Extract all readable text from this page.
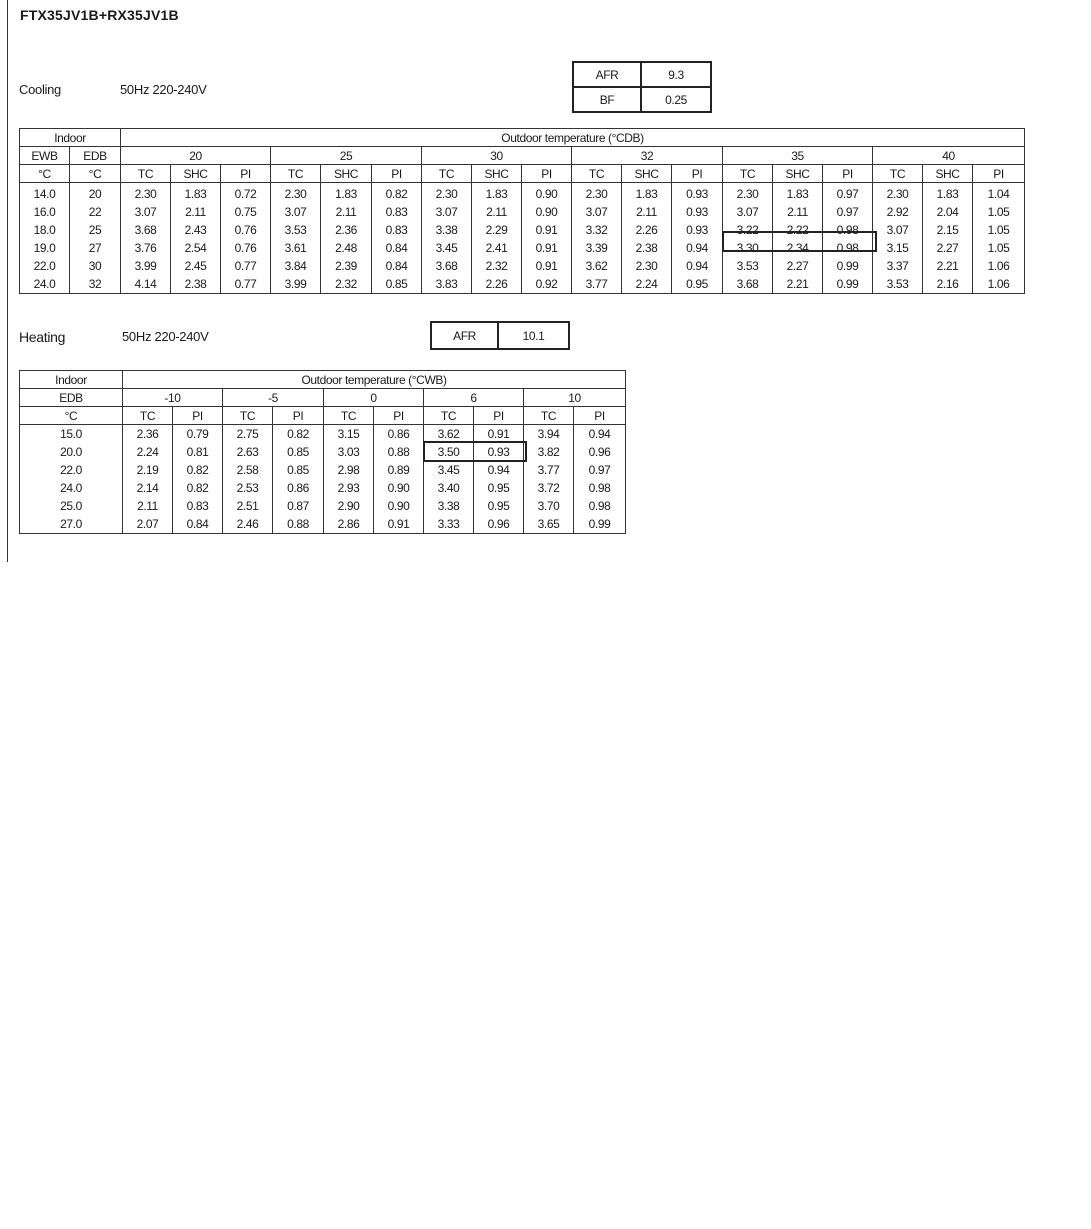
FTX35JV1B+RX35JV1B
Cooling	50Hz 220-240V
AFR	9.3
BF	0.25
Indoor		Outdoor temperature (°CDB)																	
EWB	EDB	20			25			30			32			35			40		
°C	°C	TC	SHC	PI	TC	SHC	PI	TC	SHC	PI	TC	SHC	PI	TC	SHC	PI	TC	SHC	PI
14.0	20	2.30	1.83	0.72	2.30	1.83	0.82	2.30	1.83	0.90	2.30	1.83	0.93	2.30	1.83	0.97	2.30	1.83	1.04
16.0	22	3.07	2.11	0.75	3.07	2.11	0.83	3.07	2.11	0.90	3.07	2.11	0.93	3.07	2.11	0.97	2.92	2.04	1.05
18.0	25	3.68	2.43	0.76	3.53	2.36	0.83	3.38	2.29	0.91	3.32	2.26	0.93	3.22	2.22	0.98	3.07	2.15	1.05
19.0	27	3.76	2.54	0.76	3.61	2.48	0.84	3.45	2.41	0.91	3.39	2.38	0.94	3.30	2.34	0.98	3.15	2.27	1.05
22.0	30	3.99	2.45	0.77	3.84	2.39	0.84	3.68	2.32	0.91	3.62	2.30	0.94	3.53	2.27	0.99	3.37	2.21	1.06
24.0	32	4.14	2.38	0.77	3.99	2.32	0.85	3.83	2.26	0.92	3.77	2.24	0.95	3.68	2.21	0.99	3.53	2.16	1.06
Heating	50Hz 220-240V	AFR	10.1
Indoor	Outdoor temperature (°CWB)									
EDB	-10		-5		0		6		10	
°C	TC	PI	TC	PI	TC	PI	TC	PI	TC	PI
15.0	2.36	0.79	2.75	0.82	3.15	0.86	3.62	0.91	3.94	0.94
20.0	2.24	0.81	2.63	0.85	3.03	0.88	3.50	0.93	3.82	0.96
22.0	2.19	0.82	2.58	0.85	2.98	0.89	3.45	0.94	3.77	0.97
24.0	2.14	0.82	2.53	0.86	2.93	0.90	3.40	0.95	3.72	0.98
25.0	2.11	0.83	2.51	0.87	2.90	0.90	3.38	0.95	3.70	0.98
27.0	2.07	0.84	2.46	0.88	2.86	0.91	3.33	0.96	3.65	0.99
